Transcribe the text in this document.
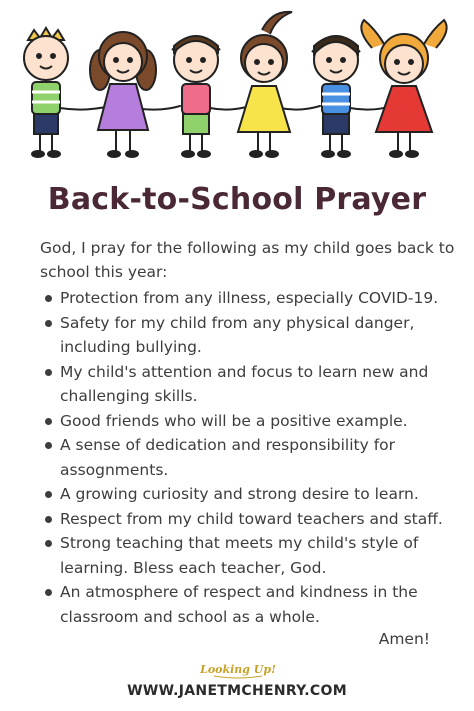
Back-to-School Prayer
God, I pray for the following as my child goes back to school this year:
Protection from any illness, especially COVID-19.
Safety for my child from any physical danger, including bullying.
My child's attention and focus to learn new and challenging skills.
Good friends who will be a positive example.
A sense of dedication and responsibility for assognments.
A growing curiosity and strong desire to learn.
Respect from my child toward teachers and staff.
Strong teaching that meets my child's style of learning. Bless each teacher, God.
An atmosphere of respect and kindness in the classroom and school as a whole.
Amen!
Looking Up!
WWW.JANETMCHENRY.COM
